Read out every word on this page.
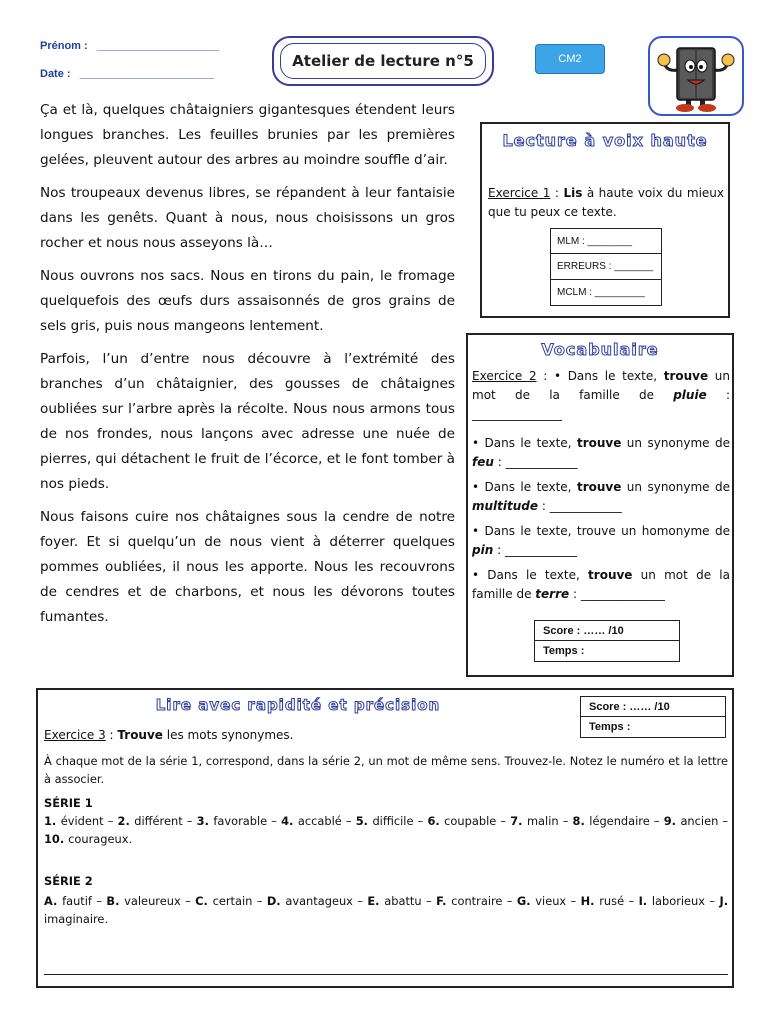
Prénom : ____________________
Date : ______________________
Atelier de lecture n°5	CM2

Ça et là, quelques châtaigniers gigantesques étendent leurs longues branches. Les feuilles brunies par les premières gelées, pleuvent autour des arbres au moindre souffle d’air.

Nos troupeaux devenus libres, se répandent à leur fantaisie dans les genêts. Quant à nous, nous choisissons un gros rocher et nous nous asseyons là…

Nous ouvrons nos sacs. Nous en tirons du pain, le fromage quelquefois des œufs durs assaisonnés de gros grains de sels gris, puis nous mangeons lentement.

Parfois, l’un d’entre nous découvre à l’extrémité des branches d’un châtaignier, des gousses de châtaignes oubliées sur l’arbre après la récolte. Nous nous armons tous de nos frondes, nous lançons avec adresse une nuée de pierres, qui détachent le fruit de l’écorce, et le font tomber à nos pieds.

Nous faisons cuire nos châtaignes sous la cendre de notre foyer. Et si quelqu’un de nous vient à déterrer quelques pommes oubliées, il nous les apporte. Nous les recouvrons de cendres et de charbons, et nous les dévorons toutes fumantes.

Lecture à voix haute
Exercice 1 : Lis à haute voix du mieux que tu peux ce texte.
MLM : ________
ERREURS : _______
MCLM : _________
Vocabulaire
Exercice 2 : • Dans le texte, trouve un mot de la famille de pluie : _______________
• Dans le texte, trouve un synonyme de feu : ____________
• Dans le texte, trouve un synonyme de multitude : ____________
• Dans le texte, trouve un homonyme de pin : ____________
• Dans le texte, trouve un mot de la famille de terre : ______________
Score : …… /10
Temps :
Lire avec rapidité et précision	Score : …… /10
Temps :
Exercice 3 : Trouve les mots synonymes.
À chaque mot de la série 1, correspond, dans la série 2, un mot de même sens. Trouvez-le. Notez le numéro et la lettre à associer.
SÉRIE 1
1. évident – 2. différent – 3. favorable – 4. accablé – 5. difficile – 6. coupable – 7. malin – 8. légendaire – 9. ancien – 10. courageux.
SÉRIE 2
A. fautif – B. valeureux – C. certain – D. avantageux – E. abattu – F. contraire – G. vieux – H. rusé – I. laborieux – J. imaginaire.
